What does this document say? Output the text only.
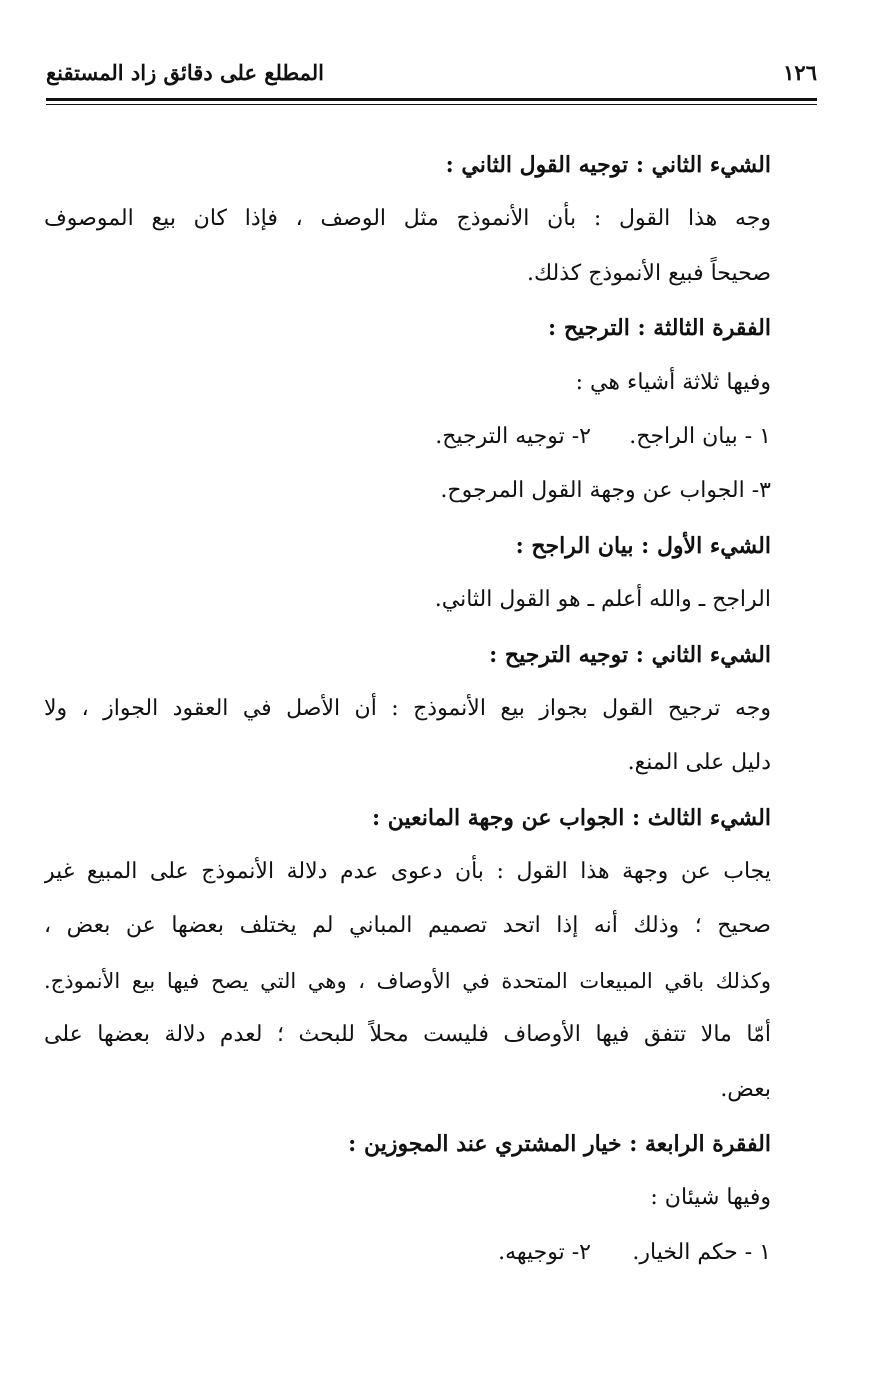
١٢٦
المطلع على دقائق زاد المستقنع
الشيء الثاني : توجيه القول الثاني :
وجه هذا القول : بأن الأنموذج مثل الوصف ، فإذا كان بيع الموصوف
صحيحاً فبيع الأنموذج كذلك.
الفقرة الثالثة : الترجيح :
وفيها ثلاثة أشياء هي :
١ - بيان الراجح.
٢- توجيه الترجيح.
٣- الجواب عن وجهة القول المرجوح.
الشيء الأول : بيان الراجح :
الراجح ـ والله أعلم ـ هو القول الثاني.
الشيء الثاني : توجيه الترجيح :
وجه ترجيح القول بجواز بيع الأنموذج : أن الأصل في العقود الجواز ، ولا
دليل على المنع.
الشيء الثالث : الجواب عن وجهة المانعين :
يجاب عن وجهة هذا القول : بأن دعوى عدم دلالة الأنموذج على المبيع غير
صحيح ؛ وذلك أنه إذا اتحد تصميم المباني لم يختلف بعضها عن بعض ،
وكذلك باقي المبيعات المتحدة في الأوصاف ، وهي التي يصح فيها بيع الأنموذج.
أمّا مالا تتفق فيها الأوصاف فليست محلاً للبحث ؛ لعدم دلالة بعضها على
بعض.
الفقرة الرابعة : خيار المشتري عند المجوزين :
وفيها شيئان :
١ - حكم الخيار.
٢- توجيهه.
